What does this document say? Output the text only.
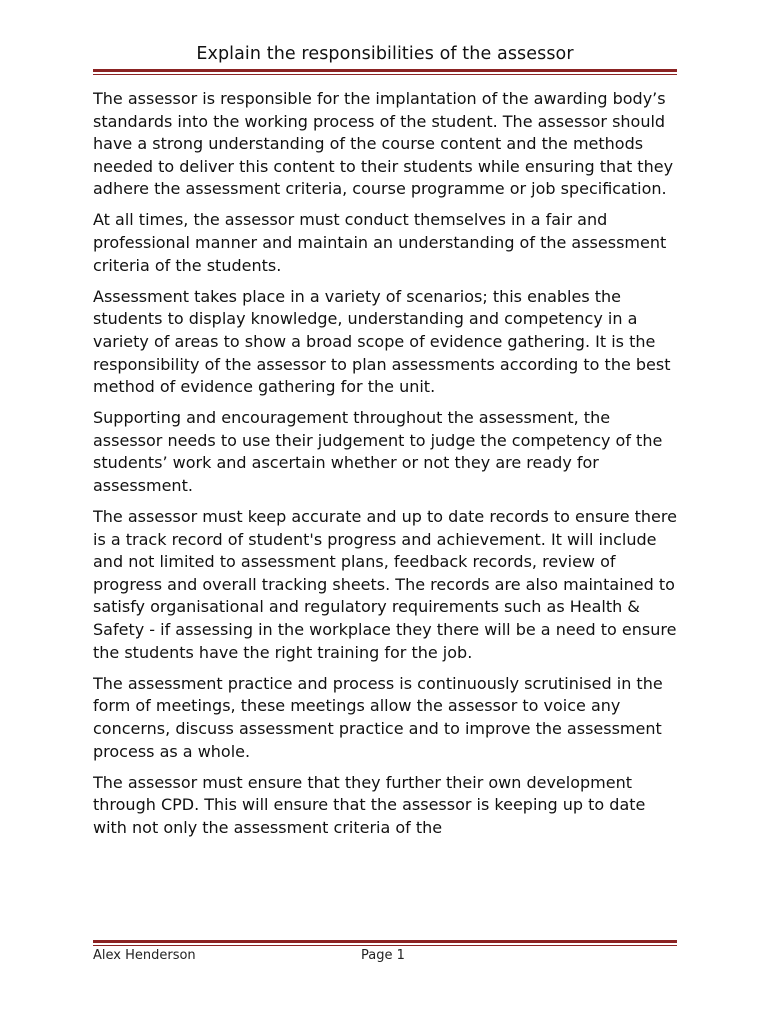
Explain the responsibilities of the assessor

The assessor is responsible for the implantation of the awarding body’s standards into the working process of the student. The assessor should have a strong understanding of the course content and the methods needed to deliver this content to their students while ensuring that they adhere the assessment criteria, course programme or job specification.

At all times, the assessor must conduct themselves in a fair and professional manner and maintain an understanding of the assessment criteria of the students.

Assessment takes place in a variety of scenarios; this enables the students to display knowledge, understanding and competency in a variety of areas to show a broad scope of evidence gathering. It is the responsibility of the assessor to plan assessments according to the best method of evidence gathering for the unit.

Supporting and encouragement throughout the assessment, the assessor needs to use their judgement to judge the competency of the students’ work and ascertain whether or not they are ready for assessment.

The assessor must keep accurate and up to date records to ensure there is a track record of student's progress and achievement. It will include and not limited to assessment plans, feedback records, review of progress and overall tracking sheets. The records are also maintained to satisfy organisational and regulatory requirements such as Health & Safety - if assessing in the workplace they there will be a need to ensure the students have the right training for the job.

The assessment practice and process is continuously scrutinised in the form of meetings, these meetings allow the assessor to voice any concerns, discuss assessment practice and to improve the assessment process as a whole.

The assessor must ensure that they further their own development through CPD. This will ensure that the assessor is keeping up to date with not only the assessment criteria of the

Alex Henderson	Page 1
